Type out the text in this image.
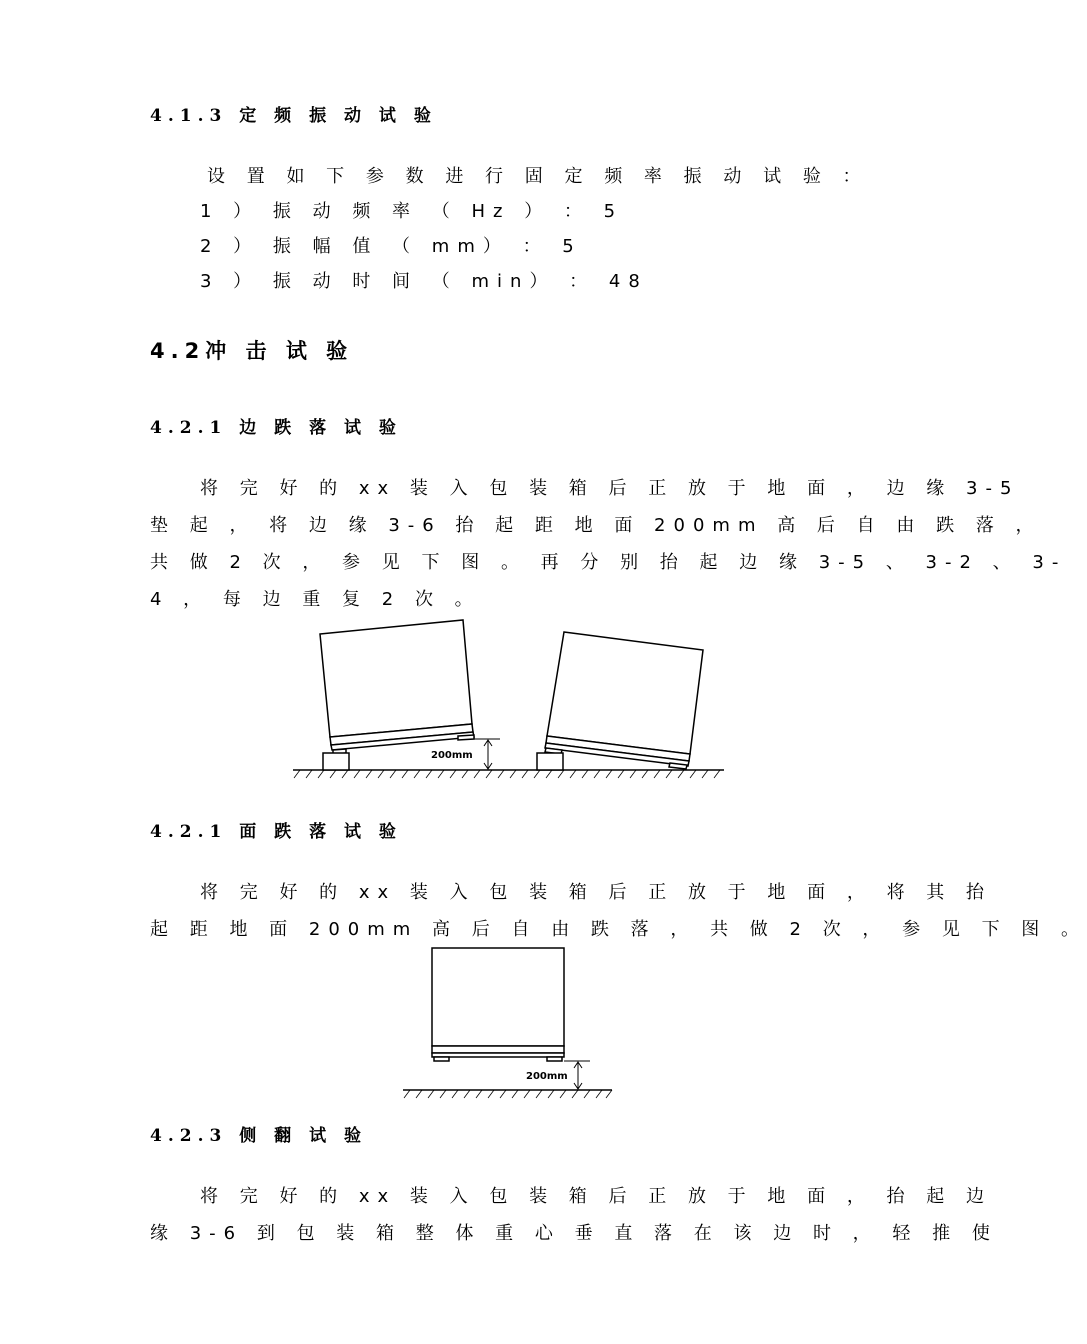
4.1.3 定 频 振 动 试 验
设 置 如 下 参 数 进 行 固 定 频 率 振 动 试 验 ：
1 ） 振 动 频 率 （ Hz ） ： 5
2 ） 振 幅 值 （ mm） ： 5
3 ） 振 动 时 间 （ min） ： 48
4.2冲 击 试 验
4.2.1 边 跌 落 试 验
将 完 好 的 xx 装 入 包 装 箱 后 正 放 于 地 面 ， 边 缘 3-5
垫 起 ， 将 边 缘 3-6 抬 起 距 地 面 200mm 高 后 自 由 跌 落 ，
共 做 2 次 ， 参 见 下 图 。 再 分 别 抬 起 边 缘 3-5 、 3-2 、 3-
4 ， 每 边 重 复 2 次 。
200mm
4.2.1 面 跌 落 试 验
将 完 好 的 xx 装 入 包 装 箱 后 正 放 于 地 面 ， 将 其 抬
起 距 地 面 200mm 高 后 自 由 跌 落 ， 共 做 2 次 ， 参 见 下 图 。
200mm
4.2.3 侧 翻 试 验
将 完 好 的 xx 装 入 包 装 箱 后 正 放 于 地 面 ， 抬 起 边
缘 3-6 到 包 装 箱 整 体 重 心 垂 直 落 在 该 边 时 ， 轻 推 使
